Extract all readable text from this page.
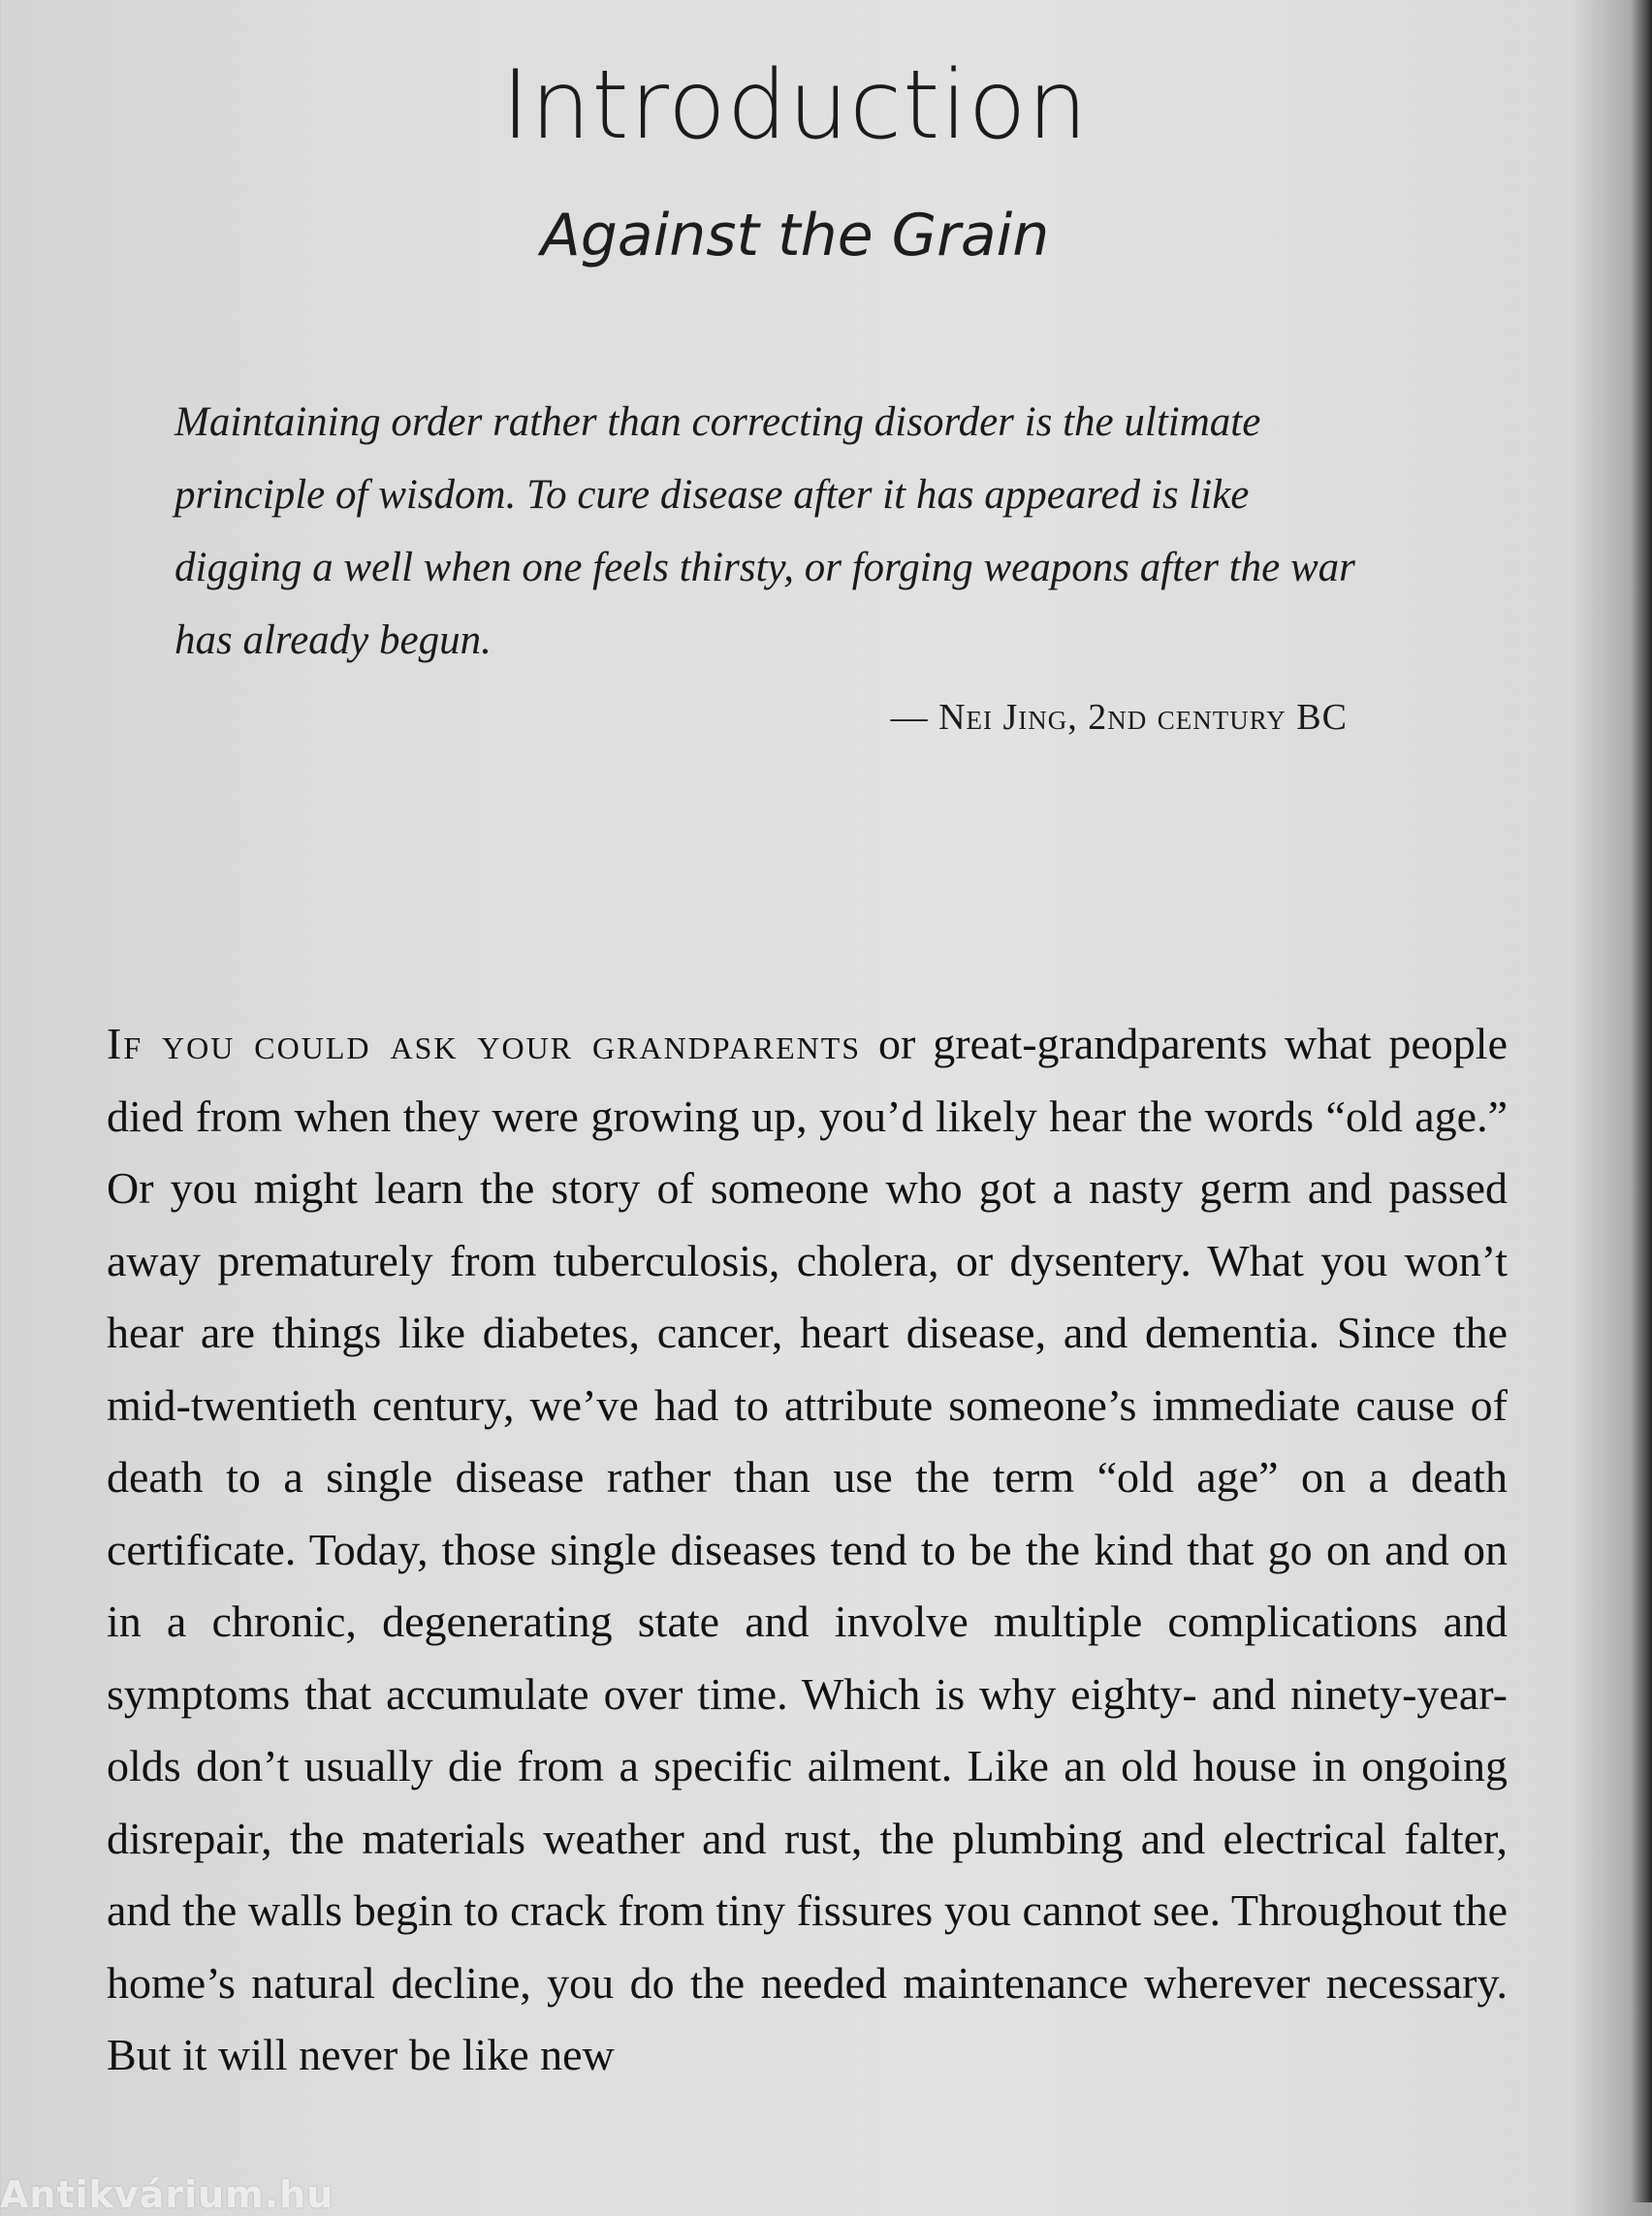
Introduction
Against the Grain
Maintaining order rather than correcting disorder is the ultimate principle of wisdom. To cure disease after it has appeared is like digging a well when one feels thirsty, or forging weapons after the war has already begun.
— Nei Jing, 2nd century BC

If you could ask your grandparents or great-grandparents what people died from when they were growing up, you’d likely hear the words “old age.” Or you might learn the story of someone who got a nasty germ and passed away prematurely from tuberculosis, cholera, or dysentery. What you won’t hear are things like diabetes, cancer, heart disease, and dementia. Since the mid-twentieth century, we’ve had to attribute someone’s immediate cause of death to a single disease rather than use the term “old age” on a death certificate. Today, those single diseases tend to be the kind that go on and on in a chronic, degenerating state and involve multiple complications and symptoms that accumulate over time. Which is why eighty- and ninety-year-olds don’t usually die from a specific ailment. Like an old house in ongoing disrepair, the materials weather and rust, the plumbing and electrical falter, and the walls begin to crack from tiny fissures you cannot see. Throughout the home’s natural decline, you do the needed maintenance wherever necessary. But it will never be like new

Antikvárium.hu
